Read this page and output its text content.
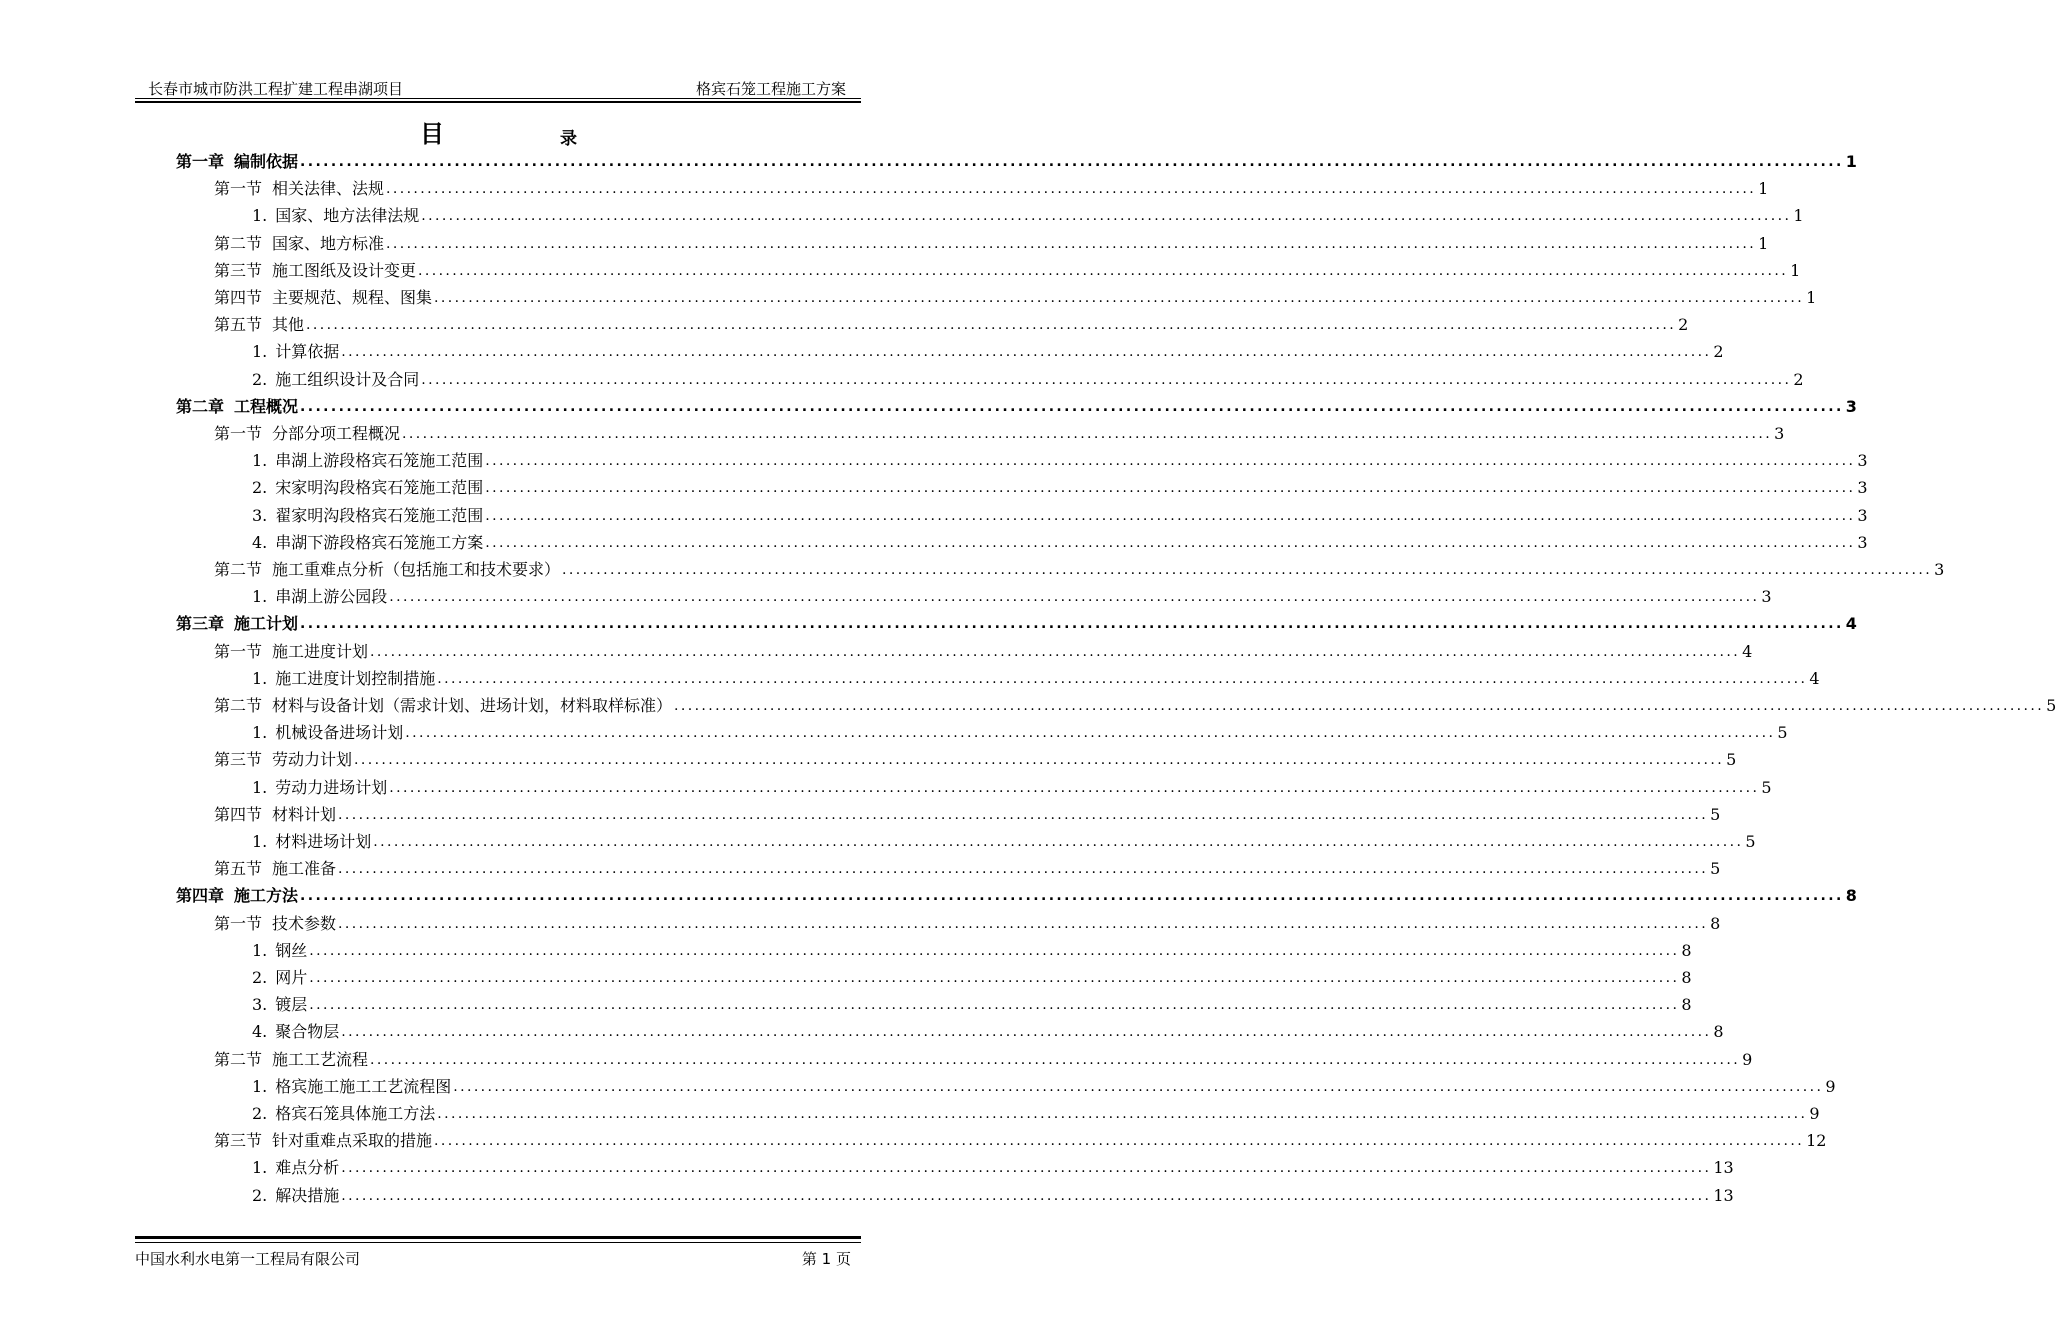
长春市城市防洪工程扩建工程串湖项目	格宾石笼工程施工方案
目	录
第一章 编制依据 ........................................................................................................................................................................................................ 1
第一节 相关法律、法规 ........................................................................................................................................................................................................ 1
1. 国家、地方法律法规 ........................................................................................................................................................................................................ 1
第二节 国家、地方标准 ........................................................................................................................................................................................................ 1
第三节 施工图纸及设计变更 ........................................................................................................................................................................................................ 1
第四节 主要规范、规程、图集 ........................................................................................................................................................................................................ 1
第五节 其他 ........................................................................................................................................................................................................ 2
1. 计算依据 ........................................................................................................................................................................................................ 2
2. 施工组织设计及合同 ........................................................................................................................................................................................................ 2
第二章 工程概况 ........................................................................................................................................................................................................ 3
第一节 分部分项工程概况 ........................................................................................................................................................................................................ 3
1. 串湖上游段格宾石笼施工范围 ........................................................................................................................................................................................................ 3
2. 宋家明沟段格宾石笼施工范围 ........................................................................................................................................................................................................ 3
3. 翟家明沟段格宾石笼施工范围 ........................................................................................................................................................................................................ 3
4. 串湖下游段格宾石笼施工方案 ........................................................................................................................................................................................................ 3
第二节 施工重难点分析（包括施工和技术要求） ........................................................................................................................................................................................................ 3
1. 串湖上游公园段 ........................................................................................................................................................................................................ 3
第三章 施工计划 ........................................................................................................................................................................................................ 4
第一节 施工进度计划 ........................................................................................................................................................................................................ 4
1. 施工进度计划控制措施 ........................................................................................................................................................................................................ 4
第二节 材料与设备计划（需求计划、进场计划，材料取样标准） ........................................................................................................................................................................................................ 5
1. 机械设备进场计划 ........................................................................................................................................................................................................ 5
第三节 劳动力计划 ........................................................................................................................................................................................................ 5
1. 劳动力进场计划 ........................................................................................................................................................................................................ 5
第四节 材料计划 ........................................................................................................................................................................................................ 5
1. 材料进场计划 ........................................................................................................................................................................................................ 5
第五节 施工准备 ........................................................................................................................................................................................................ 5
第四章 施工方法 ........................................................................................................................................................................................................ 8
第一节 技术参数 ........................................................................................................................................................................................................ 8
1. 钢丝 ........................................................................................................................................................................................................ 8
2. 网片 ........................................................................................................................................................................................................ 8
3. 镀层 ........................................................................................................................................................................................................ 8
4. 聚合物层 ........................................................................................................................................................................................................ 8
第二节 施工工艺流程 ........................................................................................................................................................................................................ 9
1. 格宾施工施工工艺流程图 ........................................................................................................................................................................................................ 9
2. 格宾石笼具体施工方法 ........................................................................................................................................................................................................ 9
第三节 针对重难点采取的措施 ........................................................................................................................................................................................................ 12
1. 难点分析 ........................................................................................................................................................................................................ 13
2. 解决措施 ........................................................................................................................................................................................................ 13
中国水利水电第一工程局有限公司	第 1 页
